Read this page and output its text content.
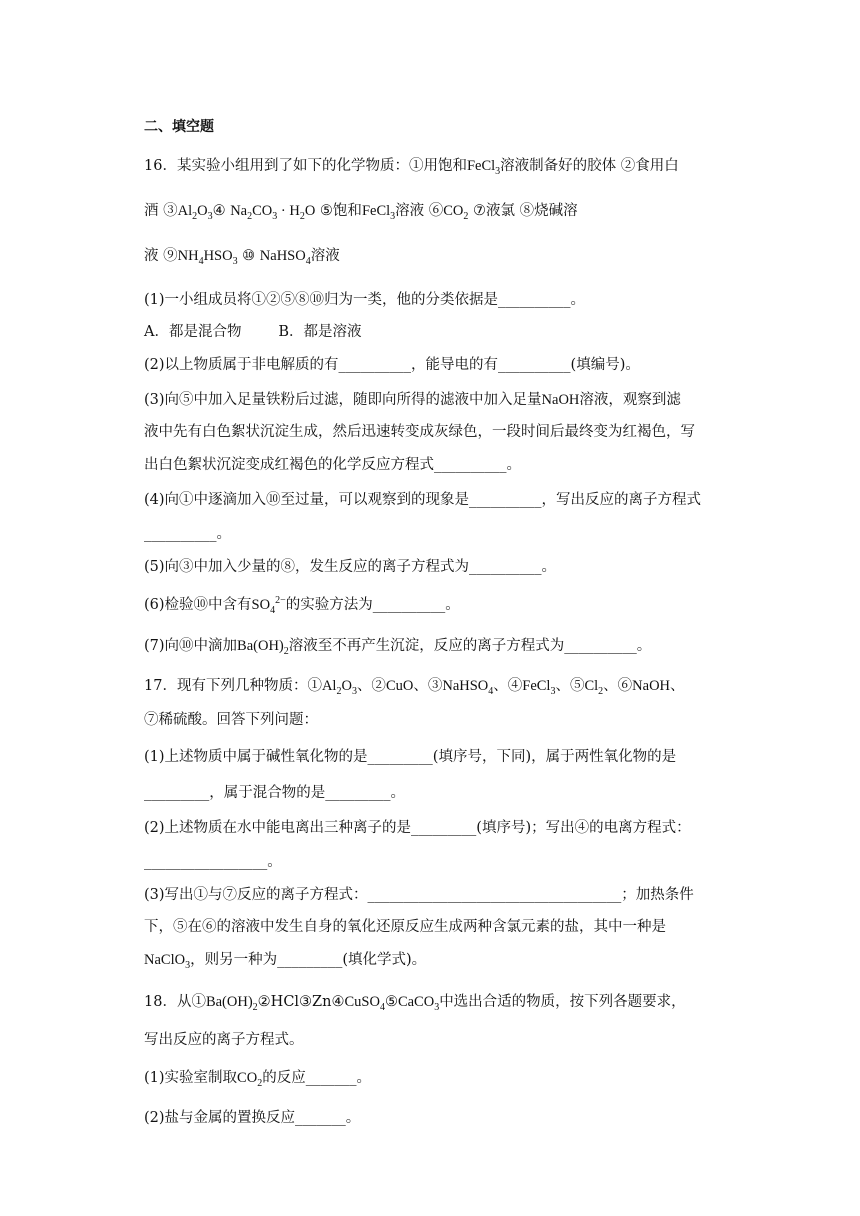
二、填空题
16．某实验小组用到了如下的化学物质：①用饱和FeCl$_3$溶液制备好的胶体 ②食用白
酒 $③Al_2O_3④$ $Na_2CO_3 \cdot H_2O$ ⑤饱和FeCl$_3$溶液 $⑥CO_2$ ⑦液氯 ⑧烧碱溶
液 $⑨NH_4HSO_3$ ⑩ NaHSO$_4$溶液
(1)一小组成员将①②⑤⑧⑩归为一类，他的分类依据是__________。
A．都是混合物        B．都是溶液
(2)以上物质属于非电解质的有__________，能导电的有__________(填编号)。
(3)向⑤中加入足量铁粉后过滤，随即向所得的滤液中加入足量NaOH溶液，观察到滤
液中先有白色絮状沉淀生成，然后迅速转变成灰绿色，一段时间后最终变为红褐色，写
出白色絮状沉淀变成红褐色的化学反应方程式__________。
(4)向①中逐滴加入⑩至过量，可以观察到的现象是__________，写出反应的离子方程式
__________。
(5)向③中加入少量的⑧，发生反应的离子方程式为__________。
(6)检验⑩中含有$SO_4^{2-}$的实验方法为__________。
(7)向⑩中滴加$Ba(OH)_2$溶液至不再产生沉淀，反应的离子方程式为__________。
17．现有下列几种物质：$①Al_2O_3$、②CuO、③NaHSO$_4$、④FeCl$_3$、$⑤Cl_2$、⑥NaOH、
⑦稀硫酸。回答下列问题：
(1)上述物质中属于碱性氧化物的是_________(填序号，下同)，属于两性氧化物的是
_________，属于混合物的是_________。
(2)上述物质在水中能电离出三种离子的是_________(填序号)；写出④的电离方程式：
_________________。
(3)写出①与⑦反应的离子方程式：___________________________________；加热条件
下，⑤在⑥的溶液中发生自身的氧化还原反应生成两种含氯元素的盐，其中一种是
NaClO$_3$，则另一种为_________(填化学式)。
18．从$①Ba(OH)_2②HCl③Zn④CuSO_4⑤CaCO_3$中选出合适的物质，按下列各题要求，
写出反应的离子方程式。
(1)实验室制取$CO_2$的反应_______。
(2)盐与金属的置换反应_______。
